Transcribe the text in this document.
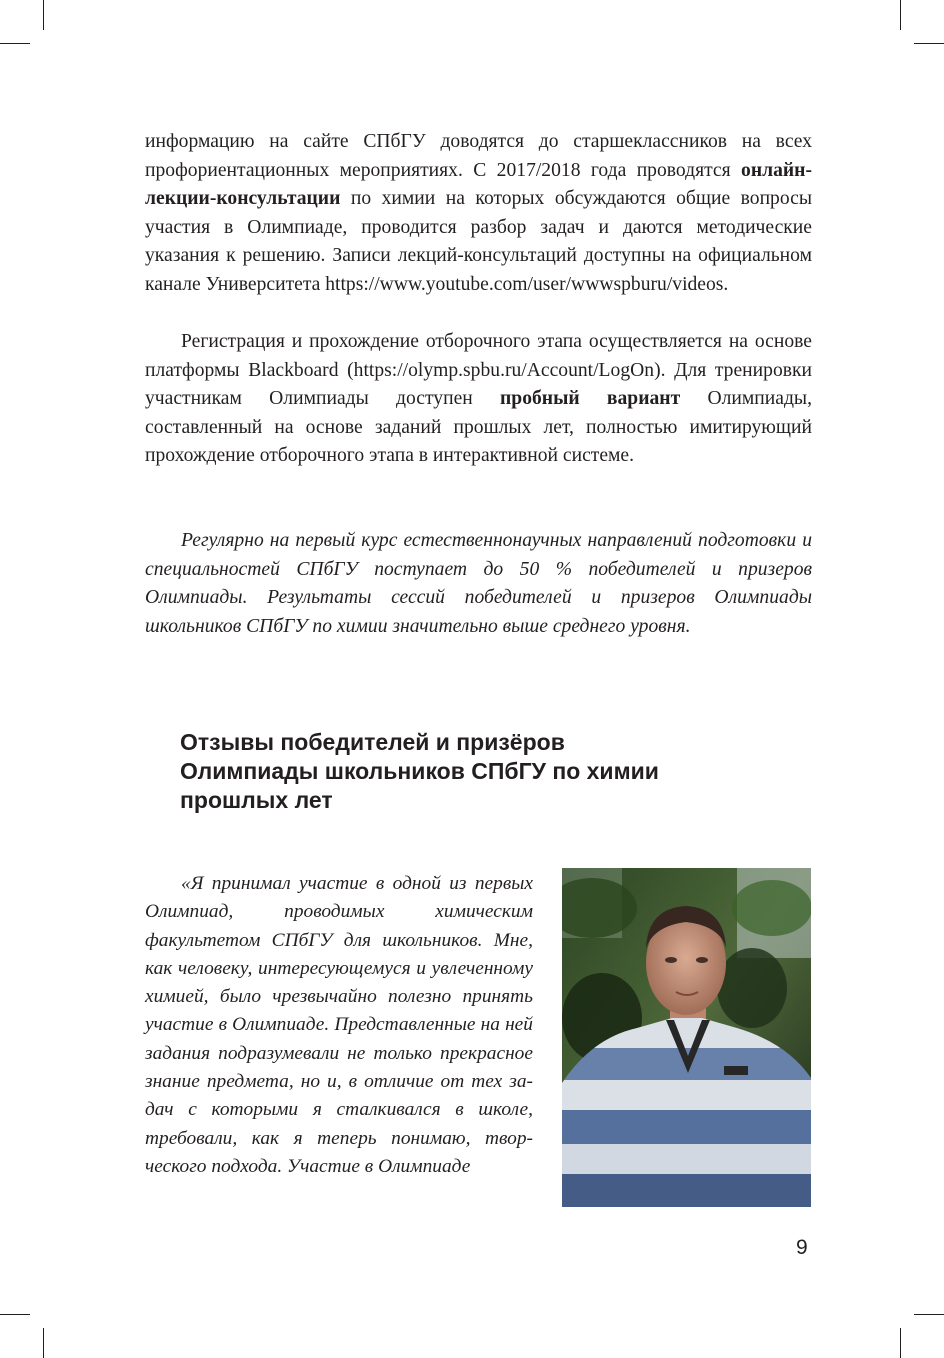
информацию на сайте СПбГУ доводятся до старшеклассников на всех профориентационных мероприятиях. С 2017/2018 года проводятся онлайн-лекции-консультации по химии на которых обсуждаются общие вопросы участия в Олимпиаде, проводится разбор задач и даются методические указания к решению. Записи лекций-консультаций доступны на официальном канале Университета https://www.​youtube.com/user/wwwspburu/videos.

Регистрация и прохождение отборочного этапа осуществляется на основе платформы Blackboard (https://olymp.spbu.ru/Account/​LogOn). Для тренировки участникам Олимпиады доступен пробный вариант Олимпиады, составленный на основе заданий прошлых лет, полностью имитирующий прохождение отборочного этапа в интерактивной системе.

Регулярно на первый курс естественнонаучных направлений подготовки и специальностей СПбГУ поступает до 50 % победителей и призеров Олимпиады. Результаты сессий победителей и призеров Олимпиады школьников СПбГУ по химии значительно выше среднего уровня.

Отзывы победителей и призёров
Олимпиады школьников СПбГУ по химии
прошлых лет

«Я принимал участие в одной из первых Олимпиад, проводимых химическим факультетом СПбГУ для школьников. Мне, как человеку, интересующемуся и увлеченному химией, было чрезвычайно полезно принять участие в Олимпиаде. Представленные на ней задания подразумевали не только прекрасное знание предмета, но и, в отличие от тех задач с которыми я сталкивался в школе, требовали, как я теперь понимаю, творческого подхода. Участие в Олимпиаде

9
